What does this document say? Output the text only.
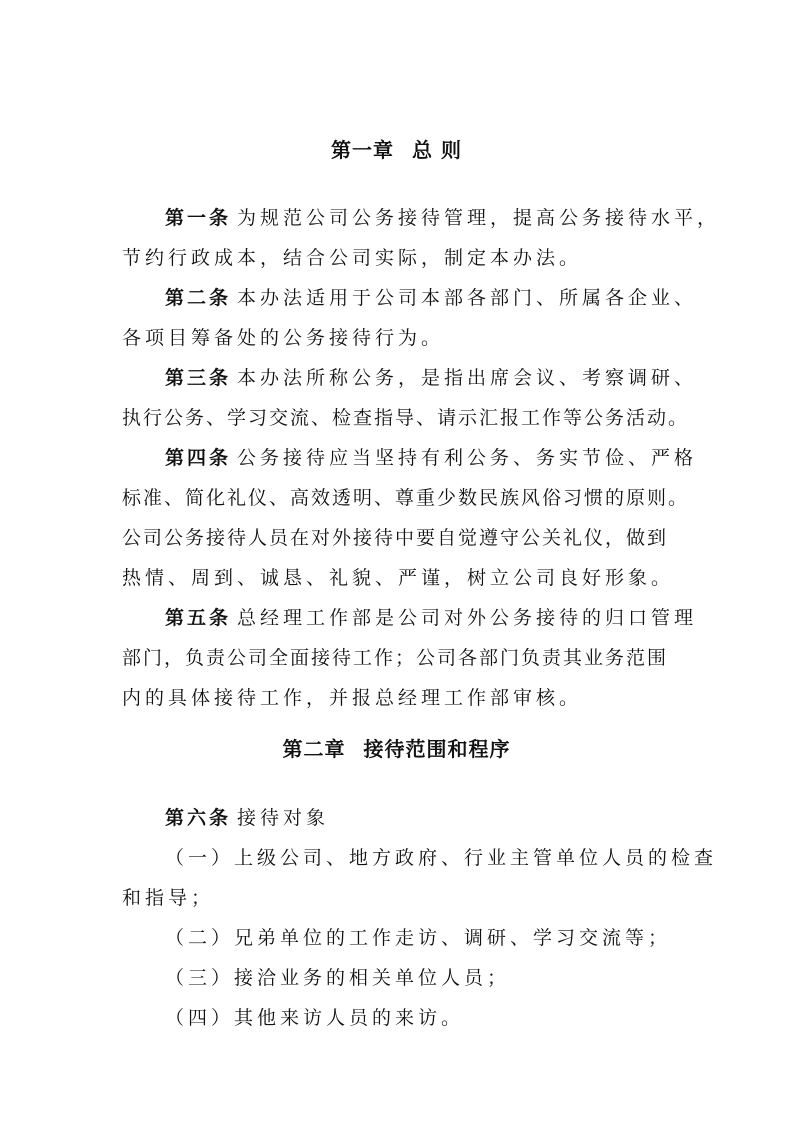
第一章 总 则
第一条 为规范公司公务接待管理，提高公务接待水平，
节约行政成本，结合公司实际，制定本办法。
第二条 本办法适用于公司本部各部门、所属各企业、
各项目筹备处的公务接待行为。
第三条 本办法所称公务，是指出席会议、考察调研、
执行公务、学习交流、检查指导、请示汇报工作等公务活动。
第四条 公务接待应当坚持有利公务、务实节俭、严格
标准、简化礼仪、高效透明、尊重少数民族风俗习惯的原则。
公司公务接待人员在对外接待中要自觉遵守公关礼仪，做到
热情、周到、诚恳、礼貌、严谨，树立公司良好形象。
第五条 总经理工作部是公司对外公务接待的归口管理
部门，负责公司全面接待工作；公司各部门负责其业务范围
内的具体接待工作，并报总经理工作部审核。
第二章 接待范围和程序
第六条 接待对象
（一）上级公司、地方政府、行业主管单位人员的检查
和指导；
（二）兄弟单位的工作走访、调研、学习交流等；
（三）接洽业务的相关单位人员；
（四）其他来访人员的来访。
